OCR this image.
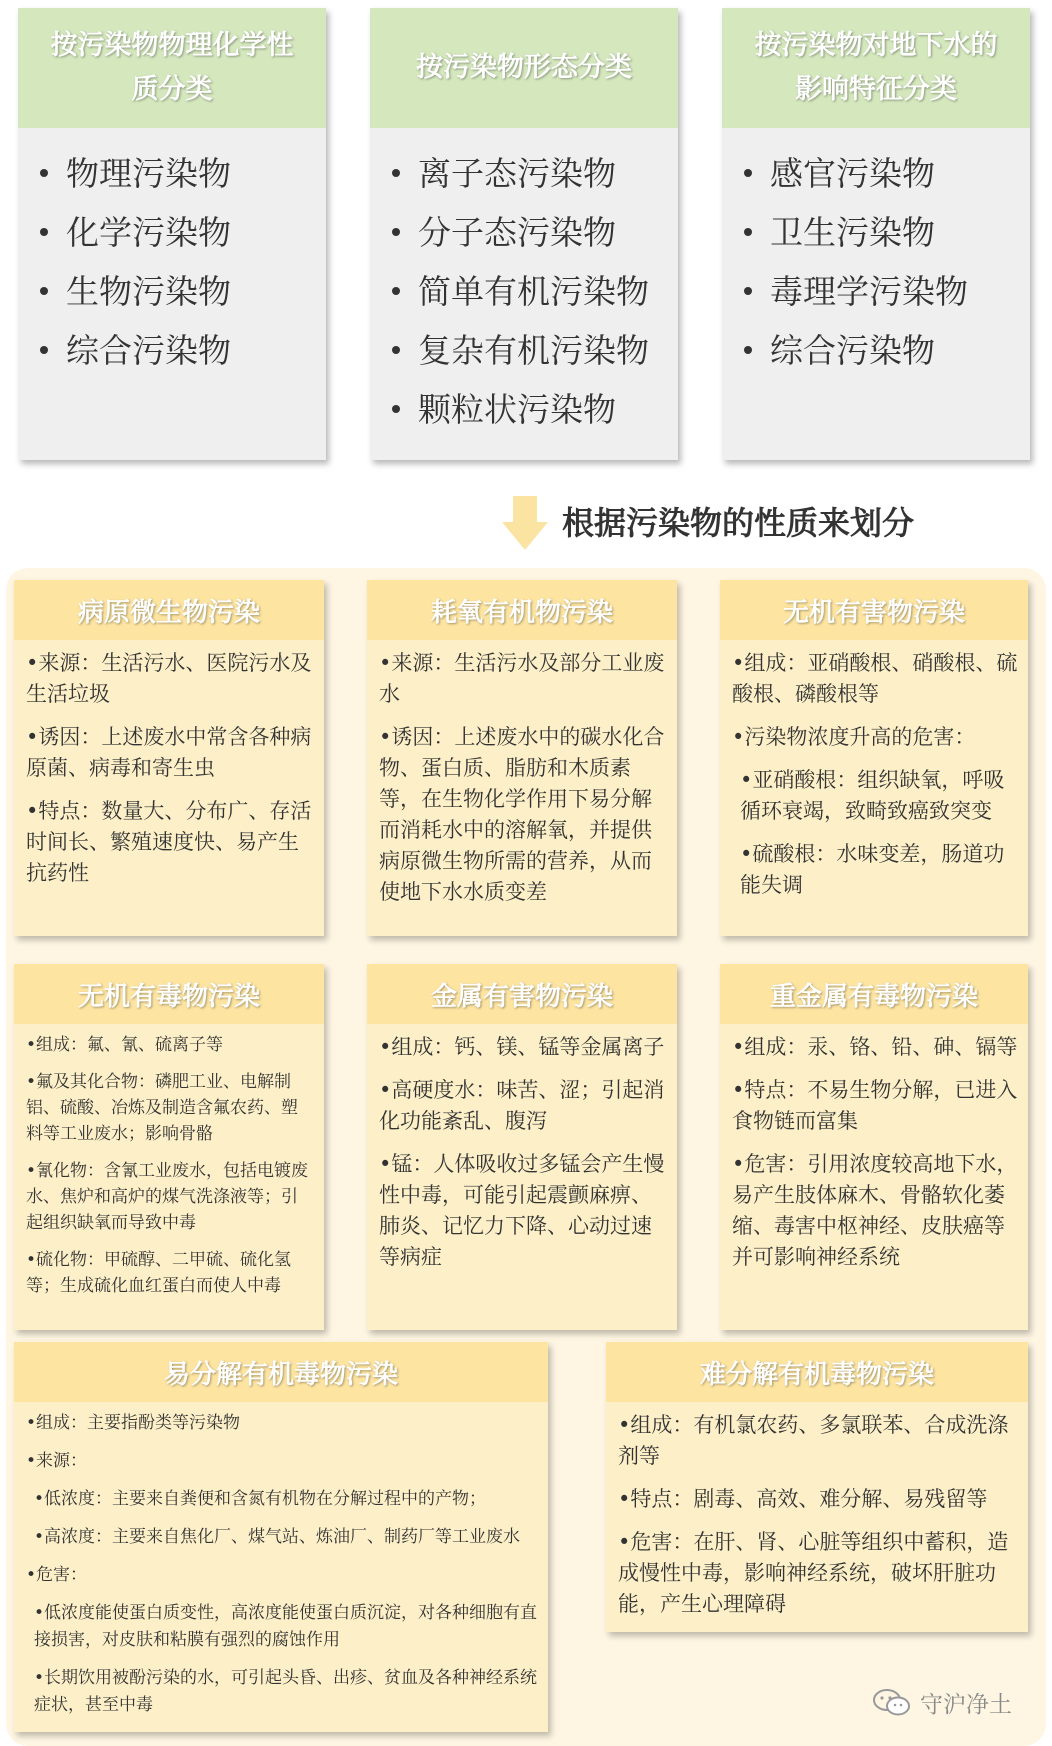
按污染物物理化学性质分类
物理污染物
化学污染物
生物污染物
综合污染物
按污染物形态分类
离子态污染物
分子态污染物
简单有机污染物
复杂有机污染物
颗粒状污染物
按污染物对地下水的影响特征分类
感官污染物
卫生污染物
毒理学污染物
综合污染物
根据污染物的性质来划分
病原微生物污染

•来源：生活污水、医院污水及生活垃圾

•诱因：上述废水中常含各种病原菌、病毒和寄生虫

•特点：数量大、分布广、存活时间长、繁殖速度快、易产生抗药性

耗氧有机物污染

•来源：生活污水及部分工业废水

•诱因：上述废水中的碳水化合物、蛋白质、脂肪和木质素等，在生物化学作用下易分解而消耗水中的溶解氧，并提供病原微生物所需的营养，从而使地下水水质变差

无机有害物污染

•组成：亚硝酸根、硝酸根、硫酸根、磷酸根等

•污染物浓度升高的危害：

•亚硝酸根：组织缺氧，呼吸循环衰竭，致畸致癌致突变

•硫酸根：水味变差，肠道功能失调

无机有毒物污染

•组成：氟、氰、硫离子等

•氟及其化合物：磷肥工业、电解制铝、硫酸、冶炼及制造含氟农药、塑料等工业废水；影响骨骼

•氰化物：含氰工业废水，包括电镀废水、焦炉和高炉的煤气洗涤液等；引起组织缺氧而导致中毒

•硫化物：甲硫醇、二甲硫、硫化氢等；生成硫化血红蛋白而使人中毒

金属有害物污染

•组成：钙、镁、锰等金属离子

•高硬度水：味苦、涩；引起消化功能紊乱、腹泻

•锰：人体吸收过多锰会产生慢性中毒，可能引起震颤麻痹、肺炎、记忆力下降、心动过速等病症

重金属有毒物污染

•组成：汞、铬、铅、砷、镉等

•特点：不易生物分解，已进入食物链而富集

•危害：引用浓度较高地下水，易产生肢体麻木、骨骼软化萎缩、毒害中枢神经、皮肤癌等并可影响神经系统

易分解有机毒物污染

•组成：主要指酚类等污染物

•来源：

•低浓度：主要来自粪便和含氮有机物在分解过程中的产物；

•高浓度：主要来自焦化厂、煤气站、炼油厂、制药厂等工业废水

•危害：

•低浓度能使蛋白质变性，高浓度能使蛋白质沉淀，对各种细胞有直接损害，对皮肤和粘膜有强烈的腐蚀作用

•长期饮用被酚污染的水，可引起头昏、出疹、贫血及各种神经系统症状，甚至中毒

难分解有机毒物污染

•组成：有机氯农药、多氯联苯、合成洗涤剂等

•特点：剧毒、高效、难分解、易残留等

•危害：在肝、肾、心脏等组织中蓄积，造成慢性中毒，影响神经系统，破坏肝脏功能，产生心理障碍

守沪净土
